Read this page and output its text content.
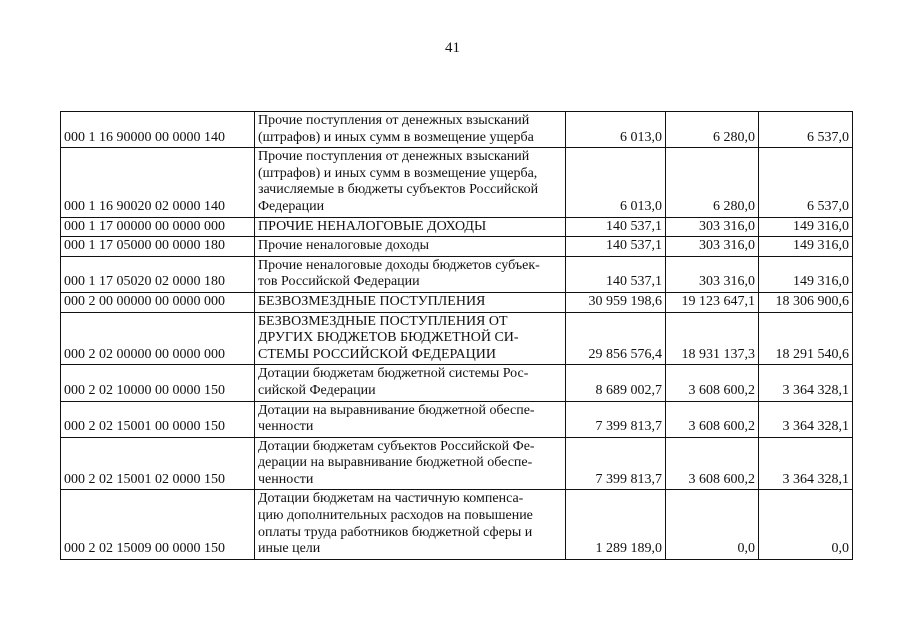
41
000 1 16 90000 00 0000 140	Прочие поступления от денежных взысканий
(штрафов) и иных сумм в возмещение ущерба	6 013,0	6 280,0	6 537,0
000 1 16 90020 02 0000 140	Прочие поступления от денежных взысканий
(штрафов) и иных сумм в возмещение ущерба,
зачисляемые в бюджеты субъектов Российской
Федерации	6 013,0	6 280,0	6 537,0
000 1 17 00000 00 0000 000	ПРОЧИЕ НЕНАЛОГОВЫЕ ДОХОДЫ	140 537,1	303 316,0	149 316,0
000 1 17 05000 00 0000 180	Прочие неналоговые доходы	140 537,1	303 316,0	149 316,0
000 1 17 05020 02 0000 180	Прочие неналоговые доходы бюджетов субъек-
тов Российской Федерации	140 537,1	303 316,0	149 316,0
000 2 00 00000 00 0000 000	БЕЗВОЗМЕЗДНЫЕ ПОСТУПЛЕНИЯ	30 959 198,6	19 123 647,1	18 306 900,6
000 2 02 00000 00 0000 000	БЕЗВОЗМЕЗДНЫЕ ПОСТУПЛЕНИЯ ОТ
ДРУГИХ БЮДЖЕТОВ БЮДЖЕТНОЙ СИ-
СТЕМЫ РОССИЙСКОЙ ФЕДЕРАЦИИ	29 856 576,4	18 931 137,3	18 291 540,6
000 2 02 10000 00 0000 150	Дотации бюджетам бюджетной системы Рос-
сийской Федерации	8 689 002,7	3 608 600,2	3 364 328,1
000 2 02 15001 00 0000 150	Дотации на выравнивание бюджетной обеспе-
ченности	7 399 813,7	3 608 600,2	3 364 328,1
000 2 02 15001 02 0000 150	Дотации бюджетам субъектов Российской Фе-
дерации на выравнивание бюджетной обеспе-
ченности	7 399 813,7	3 608 600,2	3 364 328,1
000 2 02 15009 00 0000 150	Дотации бюджетам на частичную компенса-
цию дополнительных расходов на повышение
оплаты труда работников бюджетной сферы и
иные цели	1 289 189,0	0,0	0,0
